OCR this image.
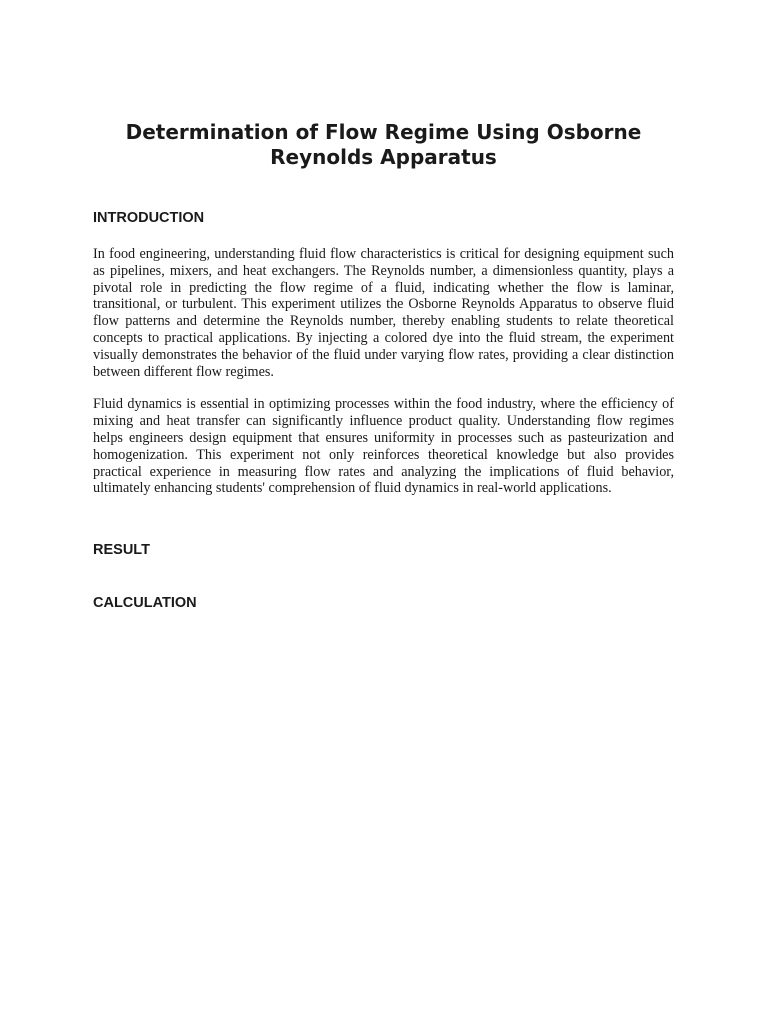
Determination of Flow Regime Using Osborne Reynolds Apparatus
INTRODUCTION

In food engineering, understanding fluid flow characteristics is critical for designing equipment such as pipelines, mixers, and heat exchangers. The Reynolds number, a dimensionless quantity, plays a pivotal role in predicting the flow regime of a fluid, indicating whether the flow is laminar, transitional, or turbulent. This experiment utilizes the Osborne Reynolds Apparatus to observe fluid flow patterns and determine the Reynolds number, thereby enabling students to relate theoretical concepts to practical applications. By injecting a colored dye into the fluid stream, the experiment visually demonstrates the behavior of the fluid under varying flow rates, providing a clear distinction between different flow regimes.

Fluid dynamics is essential in optimizing processes within the food industry, where the efficiency of mixing and heat transfer can significantly influence product quality. Understanding flow regimes helps engineers design equipment that ensures uniformity in processes such as pasteurization and homogenization. This experiment not only reinforces theoretical knowledge but also provides practical experience in measuring flow rates and analyzing the implications of fluid behavior, ultimately enhancing students' comprehension of fluid dynamics in real-world applications.

RESULT
CALCULATION
